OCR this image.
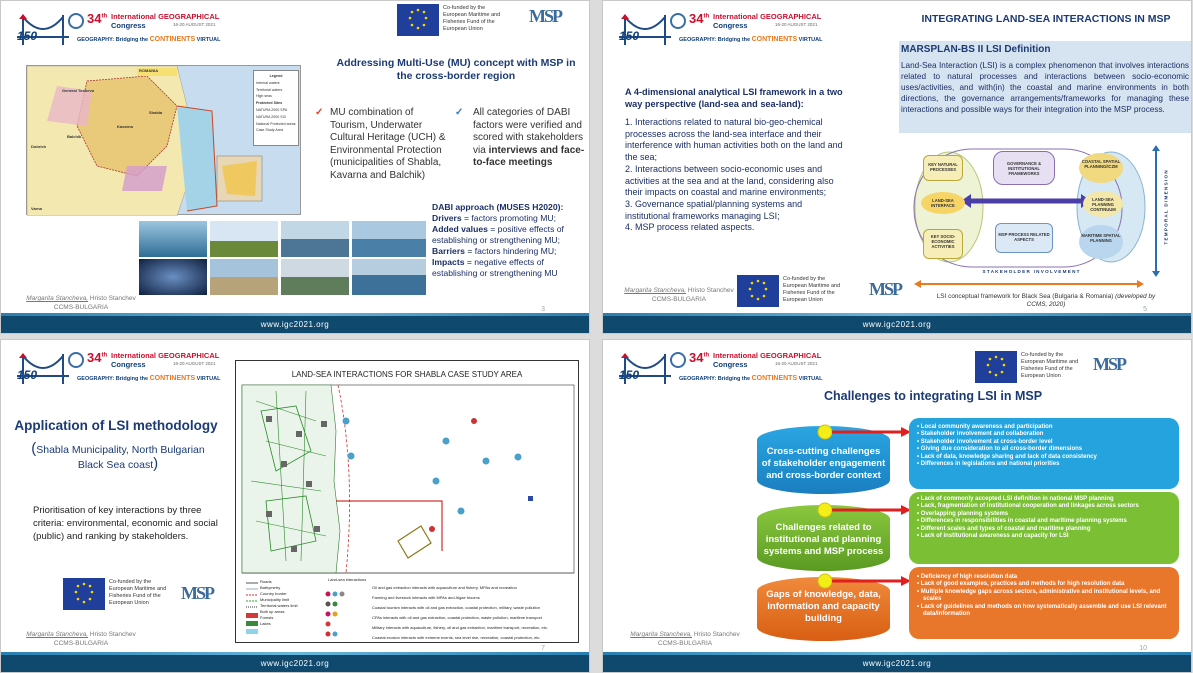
150
34th International GEOGRAPHICAL
Congress	16-20 AUGUST 2021
GEOGRAPHY: Bridging the CONTINENTS VIRTUAL
Co-funded by the European Maritime and Fisheries Fund of the European Union
MSP
ROMANIA
General Toshevo
Shabla
Kavarna
Balchik
Dobrich
Varna
Legend
Internal waters
Territorial waters
High seas
Protected Sites
NATURA 2000 SPA
NATURA 2000 SCI
National Protected areas
Case Study Area
Addressing Multi-Use (MU) concept with MSP in the cross-border region
✓ MU combination of Tourism, Underwater Cultural Heritage (UCH) & Environmental Protection (municipalities of Shabla, Kavarna and Balchik)
✓ All categories of DABI factors were verified and scored with stakeholders via interviews and face-to-face meetings
DABI approach (MUSES H2020):
Drivers = factors promoting MU;
Added values = positive effects of establishing or strengthening MU;
Barriers = factors hindering MU;
Impacts = negative effects of establishing or strengthening MU
Margarita Stancheva, Hristo Stanchev
CCMS-BULGARIA	3
www.igc2021.org
150
34th International GEOGRAPHICAL
Congress	16-20 AUGUST 2021
GEOGRAPHY: Bridging the CONTINENTS VIRTUAL
INTEGRATING LAND-SEA INTERACTIONS IN MSP
MARSPLAN-BS II LSI Definition
Land-Sea Interaction (LSI) is a complex phenomenon that involves interactions related to natural processes and interactions between socio-economic uses/activities, and with(in) the coastal and marine environments in both directions, the governance arrangements/frameworks for managing these interactions and possible ways for their integration into the MSP process.
A 4-dimensional analytical LSI framework in a two way perspective (land-sea and sea-land):
1. Interactions related to natural bio-geo-chemical processes across the land-sea interface and their interference with human activities both on the land and the sea;
2. Interactions between socio-economic uses and activities at the sea and at the land, considering also their impacts on coastal and marine environments;
3. Governance spatial/planning systems and institutional frameworks managing LSI;
4. MSP process related aspects.
KEY NATURAL PROCESSES
GOVERNANCE & INSTITUTIONAL FRAMEWORKS
COASTAL SPATIAL PLANNING/ICZM
LAND-SEA INTERFACE
LSI integration
LAND-SEA PLANNING CONTINUUM
KEY SOCIO-ECONOMIC ACTIVITIES
MSP PROCESS RELATED ASPECTS
MARITIME SPATIAL PLANNING
S T A K E H O L D E R   I N V O L V E M E N T
T E M P O R A L   D I M E N S I O N
LSI conceptual framework for Black Sea (Bulgaria & Romania) (developed by CCMS, 2020)
Margarita Stancheva, Hristo Stanchev
CCMS-BULGARIA
Co-funded by the European Maritime and Fisheries Fund of the European Union
MSP
5
www.igc2021.org
150
34th International GEOGRAPHICAL
Congress	16-20 AUGUST 2021
GEOGRAPHY: Bridging the CONTINENTS VIRTUAL
Application of LSI methodology
(Shabla Municipality, North Bulgarian Black Sea coast)
Prioritisation of key interactions by three criteria: environmental, economic and social (public) and ranking by stakeholders.
Co-funded by the European Maritime and Fisheries Fund of the European Union	MSP
Margarita Stancheva, Hristo Stanchev
CCMS-BULGARIA
LAND-SEA INTERACTIONS FOR SHABLA CASE STUDY AREA
Roads
Bathymetry
Country border
Municipality limit
Territorial waters limit
Built up areas
Forests
Lakes
Land-sea interactions
Oil and gas extraction interacts with aquaculture and fishery, MPAs and recreation
Farming and livestock interacts with MPAs and Algae blooms
Coastal tourism interacts with oil and gas extraction, coastal protection, military, waste pollution
CPAs interacts with oil and gas extraction, coastal protection, waste pollution, maritime transport
Military interacts with aquaculture, fishery, oil and gas extraction, maritime transport, recreation, etc.
Coastal erosion interacts with extreme events, sea level rise, recreation, coastal protection, etc.
7
www.igc2021.org
150
34th International GEOGRAPHICAL
Congress	16-20 AUGUST 2021
GEOGRAPHY: Bridging the CONTINENTS VIRTUAL
Co-funded by the European Maritime and Fisheries Fund of the European Union
MSP
Challenges to integrating LSI in MSP
Cross-cutting challenges of stakeholder engagement and cross-border context
Challenges related to institutional and planning systems and MSP process
Gaps of knowledge, data, information and capacity building
• Local community awareness and participation
• Stakeholder involvement and collaboration
• Stakeholder involvement at cross-border level
• Giving due consideration to all cross-border dimensions
• Lack of data, knowledge sharing and lack of data consistency
• Differences in legislations and national priorities
• Lack of commonly accepted LSI definition in national MSP planning
• Lack, fragmentation of institutional cooperation and linkages across sectors
• Overlapping planning systems
• Differences in responsibilities in coastal and maritime planning systems
• Different scales and types of coastal and maritime planning
• Lack of institutional awareness and capacity for LSI
• Deficiency of high resolution data
• Lack of good examples, practices and methods for high resolution data
• Multiple knowledge gaps across sectors, administrative and institutional levels, and scales
• Lack of guidelines and methods on how systematically assemble and use LSI relevant data/information
Margarita Stancheva, Hristo Stanchev
CCMS-BULGARIA
10
www.igc2021.org
